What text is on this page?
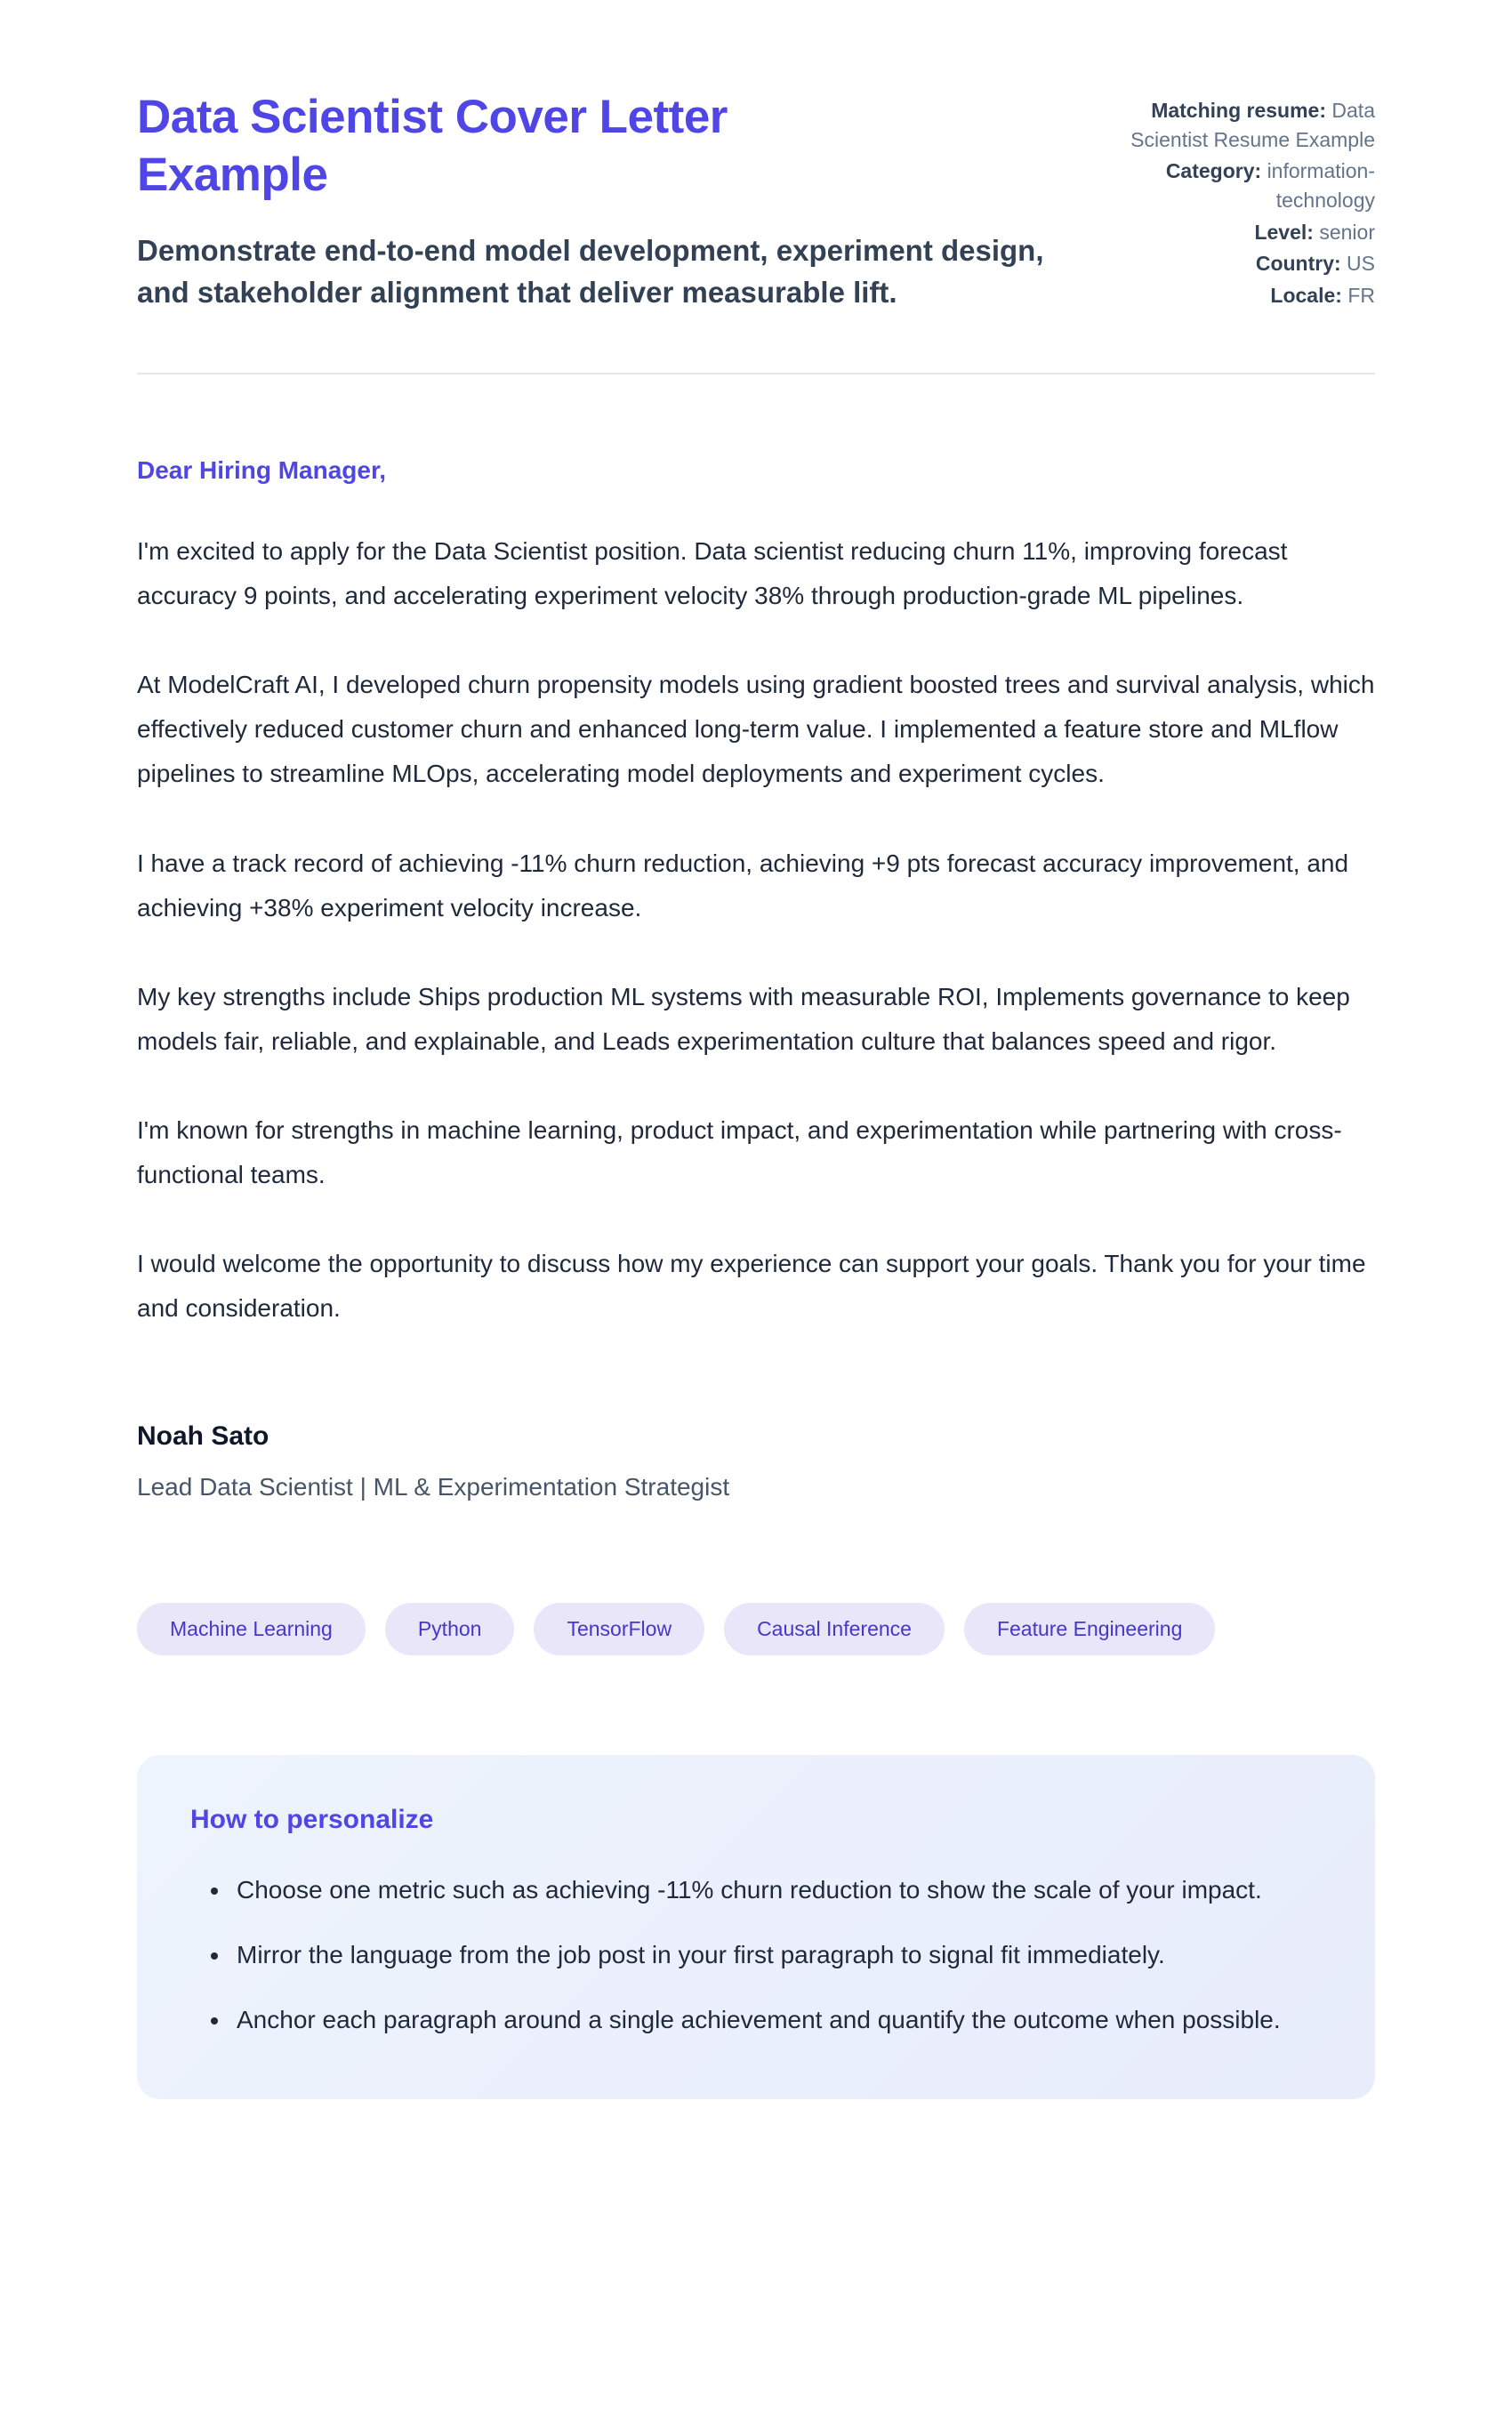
Data Scientist Cover Letter Example

Demonstrate end-to-end model development, experiment design, and stakeholder alignment that deliver measurable lift.

Matching resume: Data Scientist Resume Example
Category: information-technology
Level: senior
Country: US
Locale: FR

Dear Hiring Manager,

I'm excited to apply for the Data Scientist position. Data scientist reducing churn 11%, improving forecast accuracy 9 points, and accelerating experiment velocity 38% through production-grade ML pipelines.

At ModelCraft AI, I developed churn propensity models using gradient boosted trees and survival analysis, which effectively reduced customer churn and enhanced long-term value. I implemented a feature store and MLflow pipelines to streamline MLOps, accelerating model deployments and experiment cycles.

I have a track record of achieving -11% churn reduction, achieving +9 pts forecast accuracy improvement, and achieving +38% experiment velocity increase.

My key strengths include Ships production ML systems with measurable ROI, Implements governance to keep models fair, reliable, and explainable, and Leads experimentation culture that balances speed and rigor.

I'm known for strengths in machine learning, product impact, and experimentation while partnering with cross-functional teams.

I would welcome the opportunity to discuss how my experience can support your goals. Thank you for your time and consideration.

Noah Sato

Lead Data Scientist | ML & Experimentation Strategist

Machine Learning	Python	TensorFlow	Causal Inference	Feature Engineering
How to personalize
• Choose one metric such as achieving -11% churn reduction to show the scale of your impact.
• Mirror the language from the job post in your first paragraph to signal fit immediately.
• Anchor each paragraph around a single achievement and quantify the outcome when possible.
